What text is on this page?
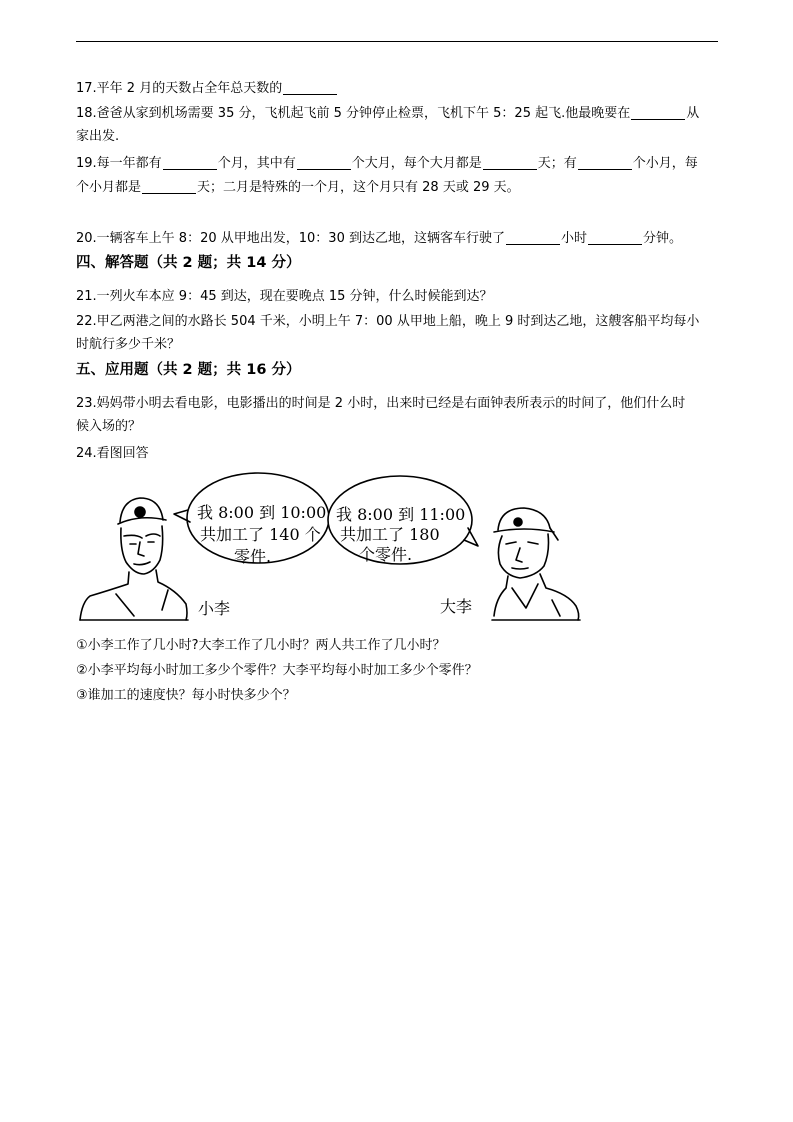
17.平年 2 月的天数占全年总天数的
18.爸爸从家到机场需要 35 分，飞机起飞前 5 分钟停止检票，飞机下午 5：25 起飞.他最晚要在	从
家出发.
19.每一年都有	个月，其中有	个大月，每个大月都是	天；有	个小月，每
个小月都是	天；二月是特殊的一个月，这个月只有 28 天或 29 天。
20.一辆客车上午 8：20 从甲地出发，10：30 到达乙地，这辆客车行驶了	小时	分钟。
四、解答题（共 2 题；共 14 分）
21.一列火车本应 9：45 到达，现在要晚点 15 分钟，什么时候能到达？
22.甲乙两港之间的水路长 504 千米，小明上午 7：00 从甲地上船，晚上 9 时到达乙地，这艘客船平均每小
时航行多少千米？
五、应用题（共 2 题；共 16 分）
23.妈妈带小明去看电影，电影播出的时间是 2 小时，出来时已经是右面钟表所表示的时间了，他们什么时
候入场的？
24.看图回答
我 8:00 到 10:00
共加工了 140 个
零件.
我 8:00 到 11:00
共加工了 180
个零件.
小李	大李
①小李工作了几小时?大李工作了几小时？两人共工作了几小时？
②小李平均每小时加工多少个零件？大李平均每小时加工多少个零件？
③谁加工的速度快？每小时快多少个？
